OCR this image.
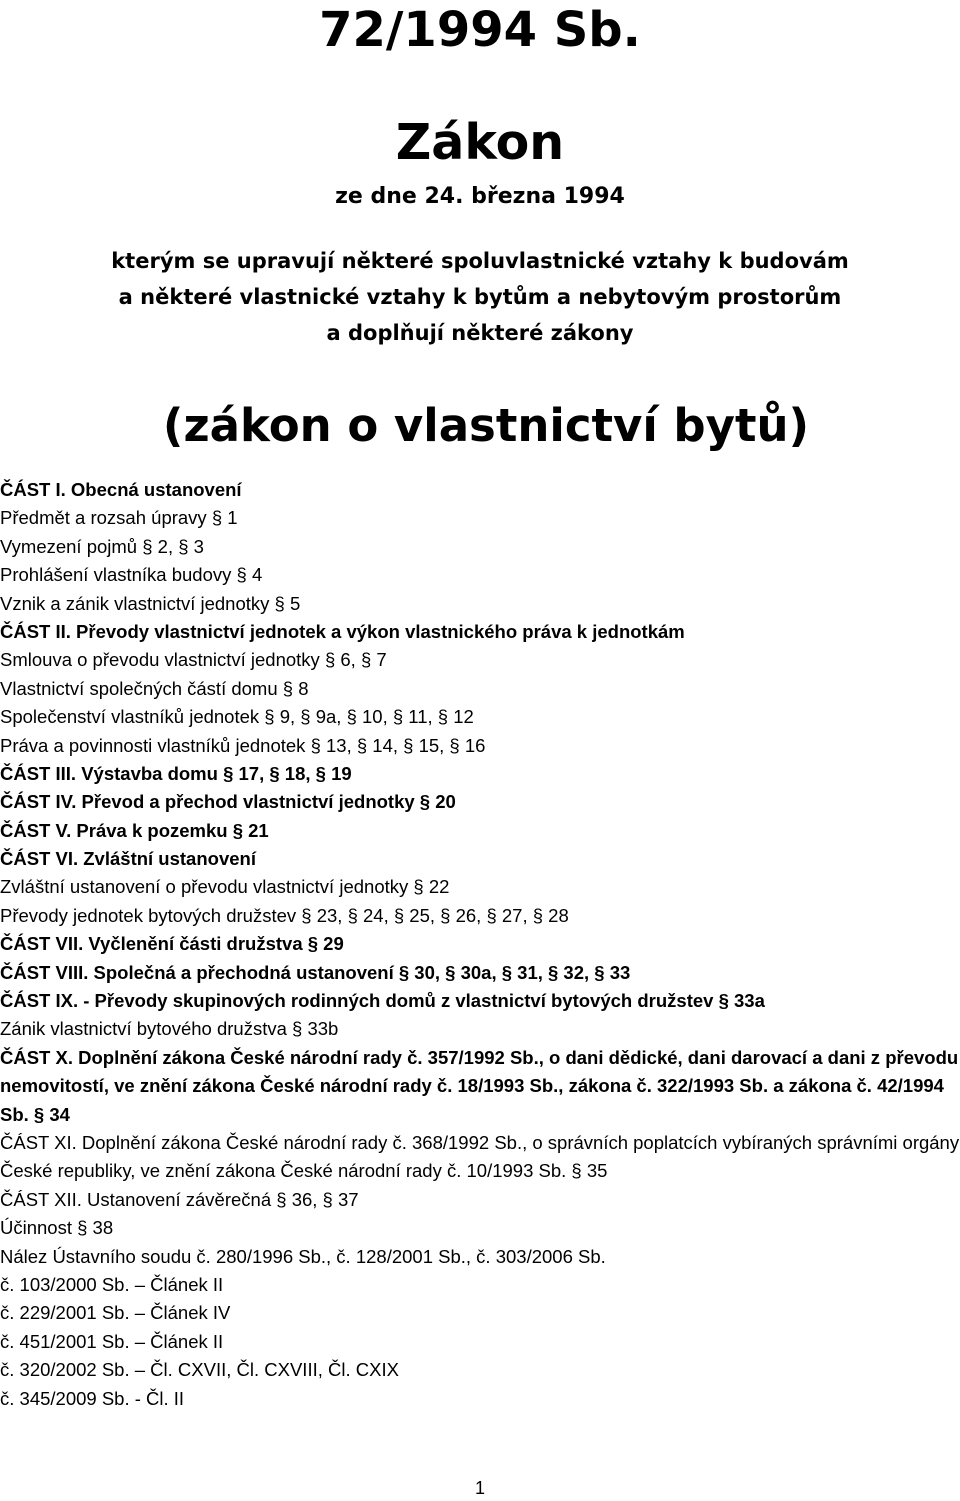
72/1994 Sb.
Zákon
ze dne 24. března 1994
kterým se upravují některé spoluvlastnické vztahy k budovám
a některé vlastnické vztahy k bytům a nebytovým prostorům
a doplňují některé zákony
(zákon o vlastnictví bytů)
ČÁST I. Obecná ustanovení
Předmět a rozsah úpravy § 1
Vymezení pojmů § 2, § 3
Prohlášení vlastníka budovy § 4
Vznik a zánik vlastnictví jednotky § 5
ČÁST II. Převody vlastnictví jednotek a výkon vlastnického práva k jednotkám
Smlouva o převodu vlastnictví jednotky § 6, § 7
Vlastnictví společných částí domu § 8
Společenství vlastníků jednotek § 9, § 9a, § 10, § 11, § 12
Práva a povinnosti vlastníků jednotek § 13, § 14, § 15, § 16
ČÁST III. Výstavba domu § 17, § 18, § 19
ČÁST IV. Převod a přechod vlastnictví jednotky § 20
ČÁST V. Práva k pozemku § 21
ČÁST VI. Zvláštní ustanovení
Zvláštní ustanovení o převodu vlastnictví jednotky § 22
Převody jednotek bytových družstev § 23, § 24, § 25, § 26, § 27, § 28
ČÁST VII. Vyčlenění části družstva § 29
ČÁST VIII. Společná a přechodná ustanovení § 30, § 30a, § 31, § 32, § 33
ČÁST IX. - Převody skupinových rodinných domů z vlastnictví bytových družstev § 33a
Zánik vlastnictví bytového družstva § 33b
ČÁST X. Doplnění zákona České národní rady č. 357/1992 Sb., o dani dědické, dani darovací a dani z převodu nemovitostí, ve znění zákona České národní rady č. 18/1993 Sb., zákona č. 322/1993 Sb. a zákona č. 42/1994 Sb. § 34
ČÁST XI. Doplnění zákona České národní rady č. 368/1992 Sb., o správních poplatcích vybíraných správními orgány České republiky, ve znění zákona České národní rady č. 10/1993 Sb. § 35
ČÁST XII. Ustanovení závěrečná § 36, § 37
Účinnost § 38
Nález Ústavního soudu č. 280/1996 Sb., č. 128/2001 Sb., č. 303/2006 Sb.
č. 103/2000 Sb. – Článek II
č. 229/2001 Sb. – Článek IV
č. 451/2001 Sb. – Článek II
č. 320/2002 Sb. – Čl. CXVII, Čl. CXVIII, Čl. CXIX
č. 345/2009 Sb. - Čl. II
1
